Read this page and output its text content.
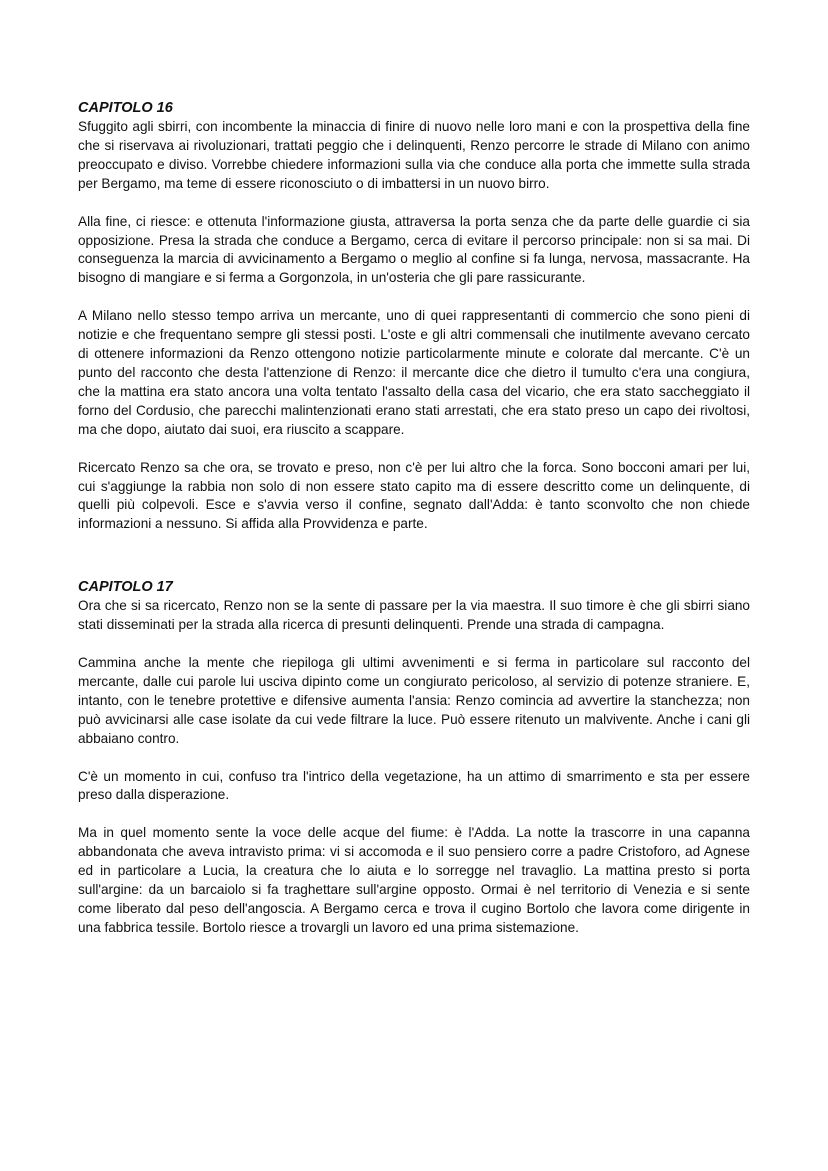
CAPITOLO 16

Sfuggito agli sbirri, con incombente la minaccia di finire di nuovo nelle loro mani e con la prospettiva della fine che si riservava ai rivoluzionari, trattati peggio che i delinquenti, Renzo percorre le strade di Milano con animo preoccupato e diviso. Vorrebbe chiedere informazioni sulla via che conduce alla porta che immette sulla strada per Bergamo, ma teme di essere riconosciuto o di imbattersi in un nuovo birro.

Alla fine, ci riesce: e ottenuta l'informazione giusta, attraversa la porta senza che da parte delle guardie ci sia opposizione. Presa la strada che conduce a Bergamo, cerca di evitare il percorso principale: non si sa mai. Di conseguenza la marcia di avvicinamento a Bergamo o meglio al confine si fa lunga, nervosa, massacrante. Ha bisogno di mangiare e si ferma a Gorgonzola, in un'osteria che gli pare rassicurante.

A Milano nello stesso tempo arriva un mercante, uno di quei rappresentanti di commercio che sono pieni di notizie e che frequentano sempre gli stessi posti. L'oste e gli altri commensali che inutilmente avevano cercato di ottenere informazioni da Renzo ottengono notizie particolarmente minute e colorate dal mercante. C'è un punto del racconto che desta l'attenzione di Renzo: il mercante dice che dietro il tumulto c'era una congiura, che la mattina era stato ancora una volta tentato l'assalto della casa del vicario, che era stato saccheggiato il forno del Cordusio, che parecchi malintenzionati erano stati arrestati, che era stato preso un capo dei rivoltosi, ma che dopo, aiutato dai suoi, era riuscito a scappare.

Ricercato Renzo sa che ora, se trovato e preso, non c'è per lui altro che la forca. Sono bocconi amari per lui, cui s'aggiunge la rabbia non solo di non essere stato capito ma di essere descritto come un delinquente, di quelli più colpevoli. Esce e s'avvia verso il confine, segnato dall'Adda: è tanto sconvolto che non chiede informazioni a nessuno. Si affida alla Provvidenza e parte.

CAPITOLO 17

Ora che si sa ricercato, Renzo non se la sente di passare per la via maestra. Il suo timore è che gli sbirri siano stati disseminati per la strada alla ricerca di presunti delinquenti. Prende una strada di campagna.

Cammina anche la mente che riepiloga gli ultimi avvenimenti e si ferma in particolare sul racconto del mercante, dalle cui parole lui usciva dipinto come un congiurato pericoloso, al servizio di potenze straniere. E, intanto, con le tenebre protettive e difensive aumenta l'ansia: Renzo comincia ad avvertire la stanchezza; non può avvicinarsi alle case isolate da cui vede filtrare la luce. Può essere ritenuto un malvivente. Anche i cani gli abbaiano contro.

C'è un momento in cui, confuso tra l'intrico della vegetazione, ha un attimo di smarrimento e sta per essere preso dalla disperazione.

Ma in quel momento sente la voce delle acque del fiume: è l'Adda. La notte la trascorre in una capanna abbandonata che aveva intravisto prima: vi si accomoda e il suo pensiero corre a padre Cristoforo, ad Agnese ed in particolare a Lucia, la creatura che lo aiuta e lo sorregge nel travaglio. La mattina presto si porta sull'argine: da un barcaiolo si fa traghettare sull'argine opposto. Ormai è nel territorio di Venezia e si sente come liberato dal peso dell'angoscia. A Bergamo cerca e trova il cugino Bortolo che lavora come dirigente in una fabbrica tessile. Bortolo riesce a trovargli un lavoro ed una prima sistemazione.
